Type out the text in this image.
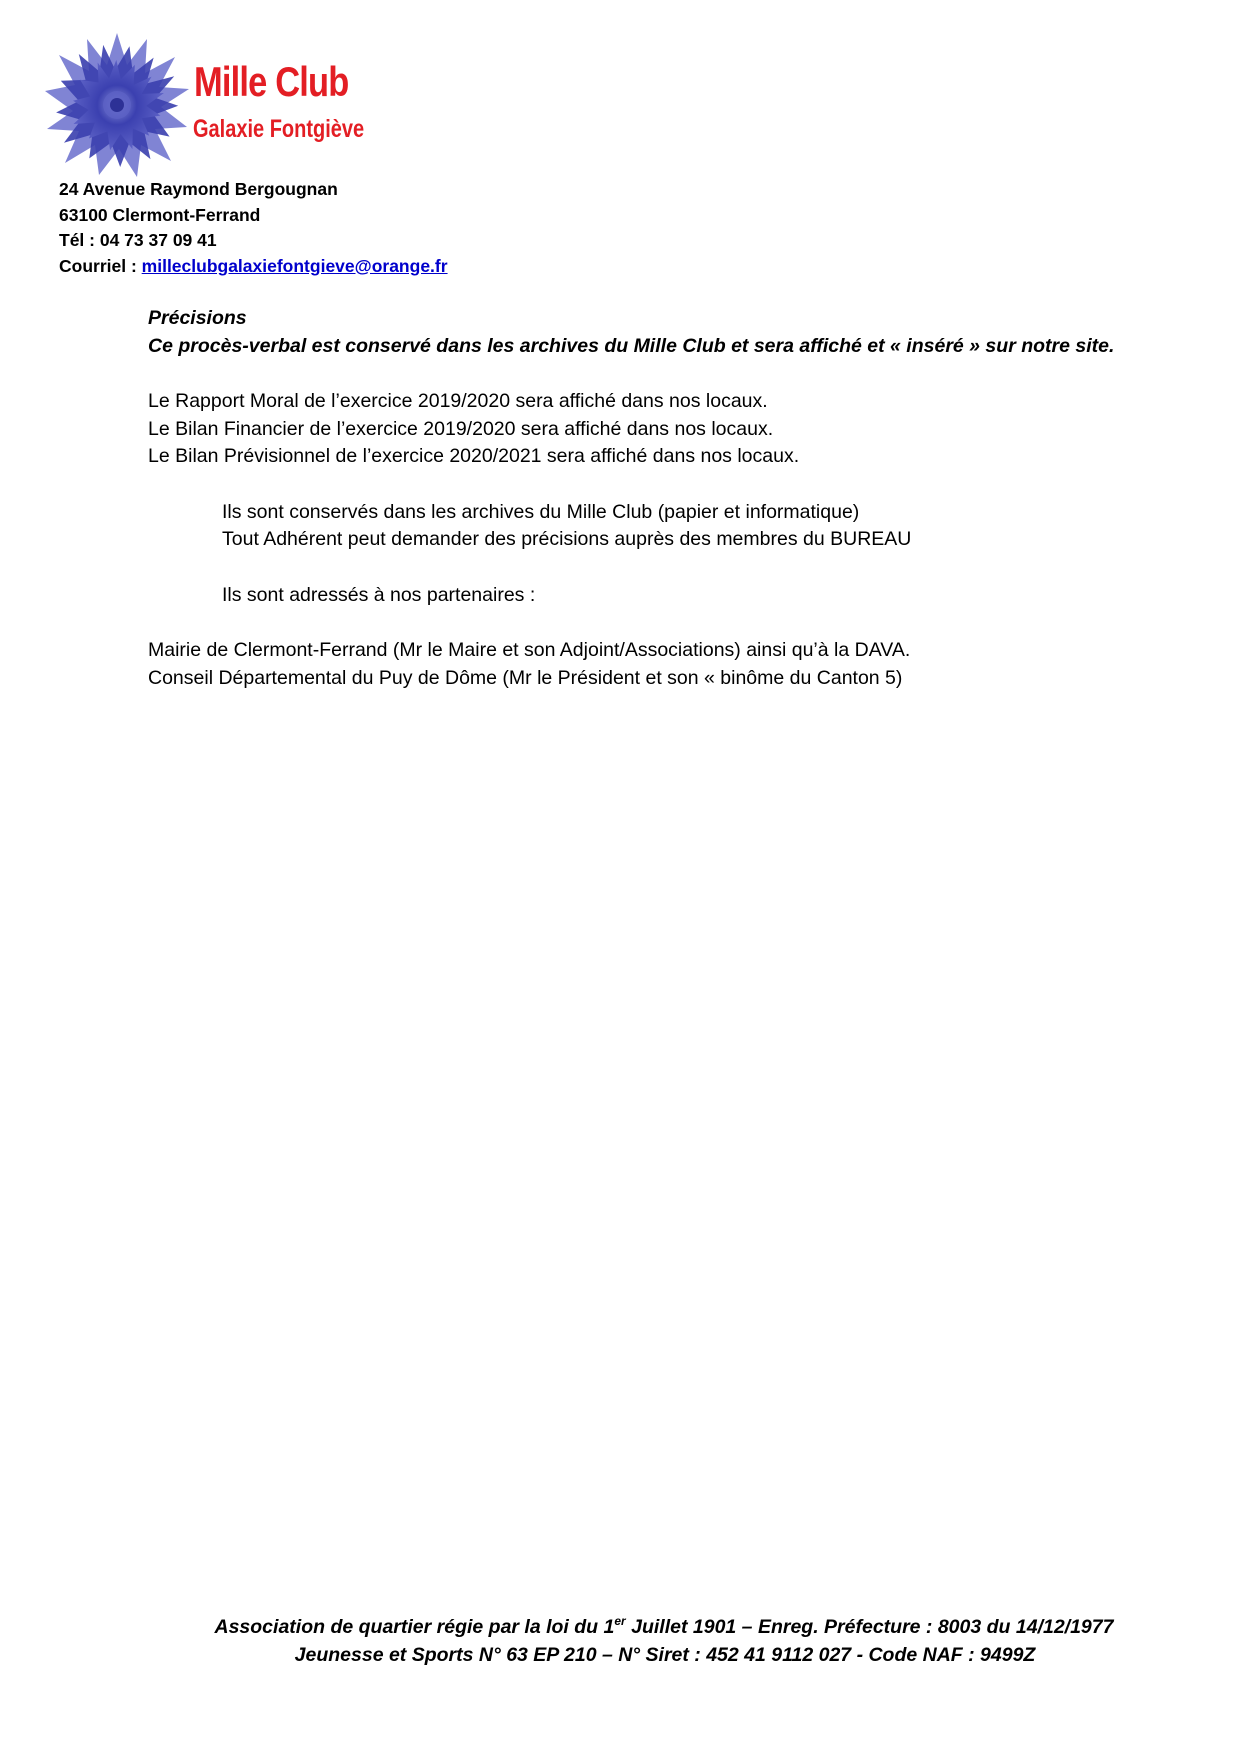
Mille Club
Galaxie Fontgiève
24 Avenue Raymond Bergougnan
63100 Clermont-Ferrand
Tél : 04 73 37 09 41
Courriel : milleclubgalaxiefontgieve@orange.fr
Précisions
Ce procès-verbal est conservé dans les archives du Mille Club et sera affiché et « inséré » sur notre site.
Le Rapport Moral de l’exercice 2019/2020 sera affiché dans nos locaux.
Le Bilan Financier de l’exercice 2019/2020 sera affiché dans nos locaux.
Le Bilan Prévisionnel de l’exercice 2020/2021 sera affiché dans nos locaux.
Ils sont conservés dans les archives du Mille Club (papier et informatique)
Tout Adhérent peut demander des précisions auprès des membres du BUREAU
Ils sont adressés à nos partenaires :
Mairie de Clermont-Ferrand (Mr le Maire et son Adjoint/Associations) ainsi qu’à la DAVA.
Conseil Départemental du Puy de Dôme (Mr le Président et son « binôme du Canton 5)
Association de quartier régie par la loi du 1er Juillet 1901 – Enreg. Préfecture : 8003 du 14/12/1977
Jeunesse et Sports N° 63 EP 210 – N° Siret : 452 41 9112 027 - Code NAF : 9499Z
